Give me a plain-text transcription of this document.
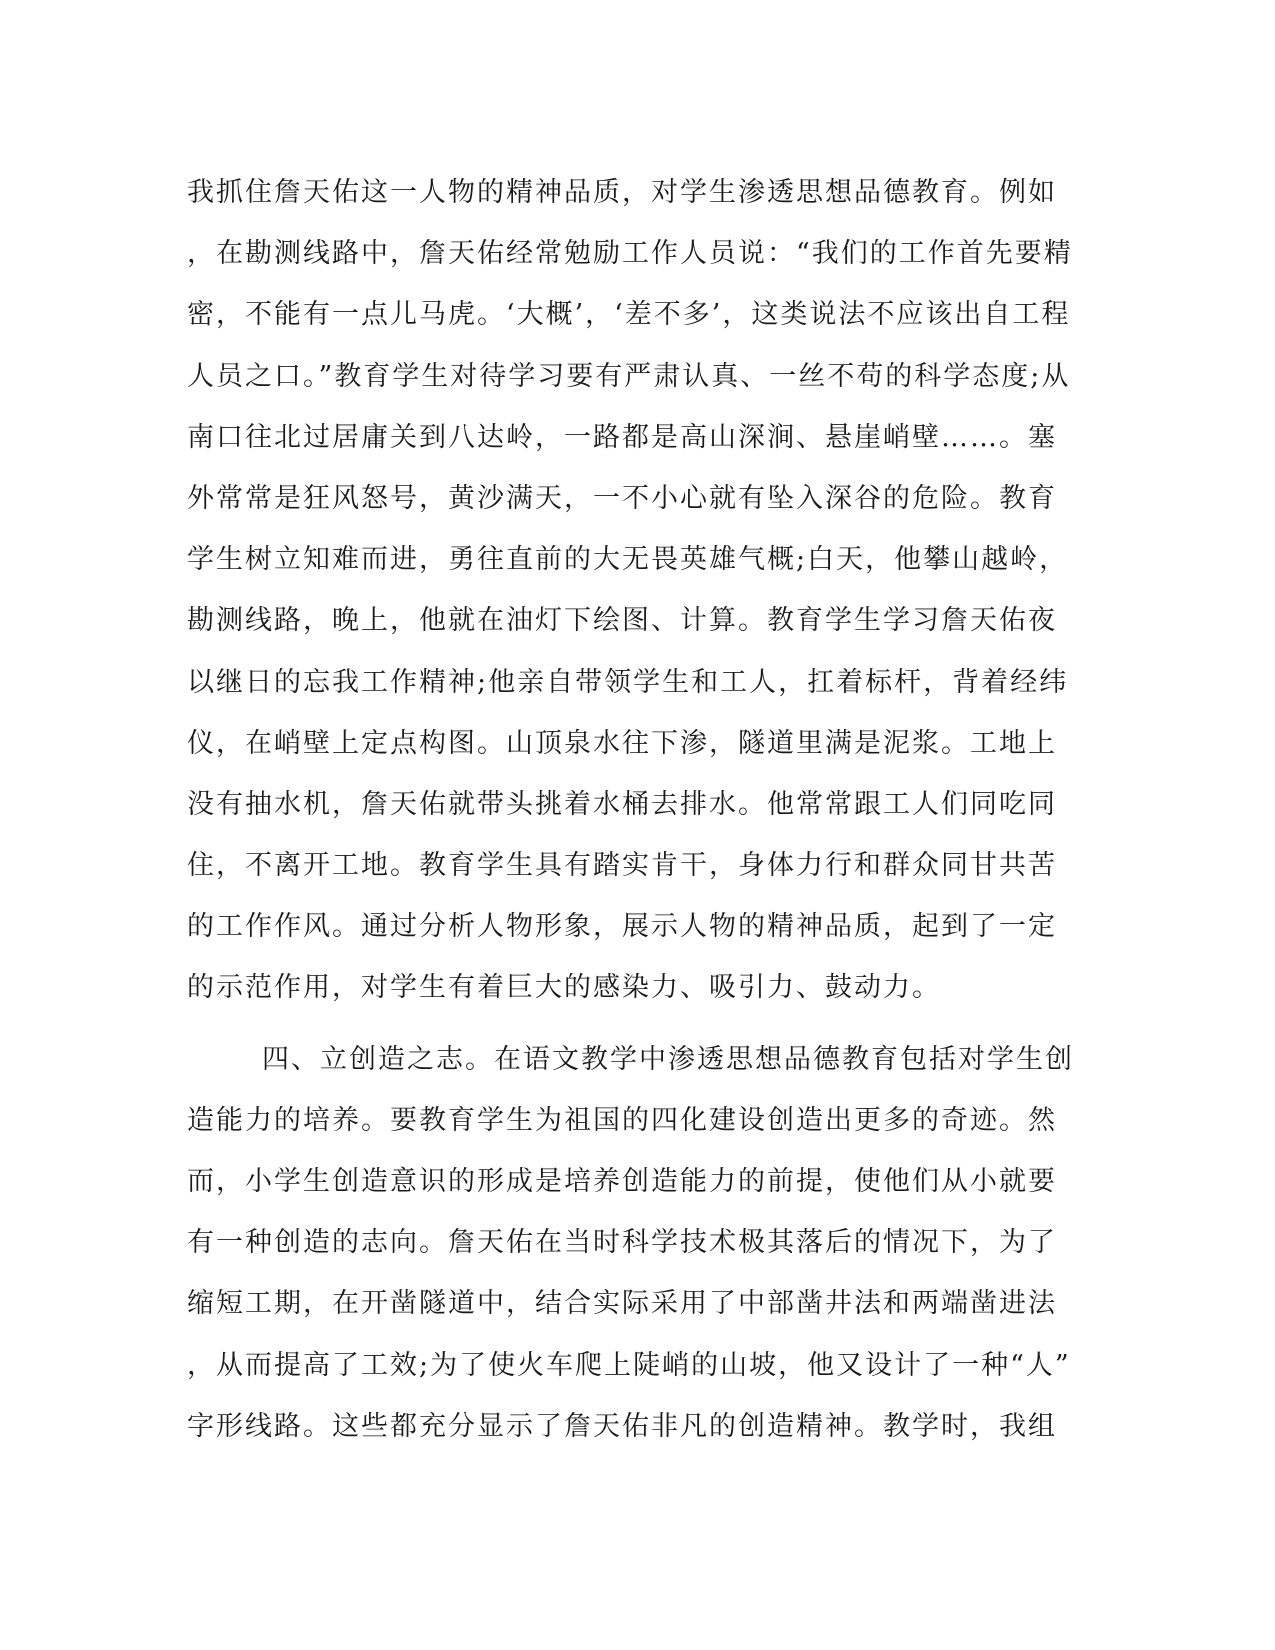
我抓住詹天佑这一人物的精神品质，对学生渗透思想品德教育。例如
，在勘测线路中，詹天佑经常勉励工作人员说：“我们的工作首先要精
密，不能有一点儿马虎。‘大概’，‘差不多’，这类说法不应该出自工程
人员之口。”教育学生对待学习要有严肃认真、一丝不苟的科学态度;从
南口往北过居庸关到八达岭，一路都是高山深涧、悬崖峭壁……。塞
外常常是狂风怒号，黄沙满天，一不小心就有坠入深谷的危险。教育
学生树立知难而进，勇往直前的大无畏英雄气概;白天，他攀山越岭，
勘测线路，晚上，他就在油灯下绘图、计算。教育学生学习詹天佑夜
以继日的忘我工作精神;他亲自带领学生和工人，扛着标杆，背着经纬
仪，在峭壁上定点构图。山顶泉水往下渗，隧道里满是泥浆。工地上
没有抽水机，詹天佑就带头挑着水桶去排水。他常常跟工人们同吃同
住，不离开工地。教育学生具有踏实肯干，身体力行和群众同甘共苦
的工作作风。通过分析人物形象，展示人物的精神品质，起到了一定
的示范作用，对学生有着巨大的感染力、吸引力、鼓动力。
四、立创造之志。在语文教学中渗透思想品德教育包括对学生创
造能力的培养。要教育学生为祖国的四化建设创造出更多的奇迹。然
而，小学生创造意识的形成是培养创造能力的前提，使他们从小就要
有一种创造的志向。詹天佑在当时科学技术极其落后的情况下，为了
缩短工期，在开凿隧道中，结合实际采用了中部凿井法和两端凿进法
，从而提高了工效;为了使火车爬上陡峭的山坡，他又设计了一种“人”
字形线路。这些都充分显示了詹天佑非凡的创造精神。教学时，我组
